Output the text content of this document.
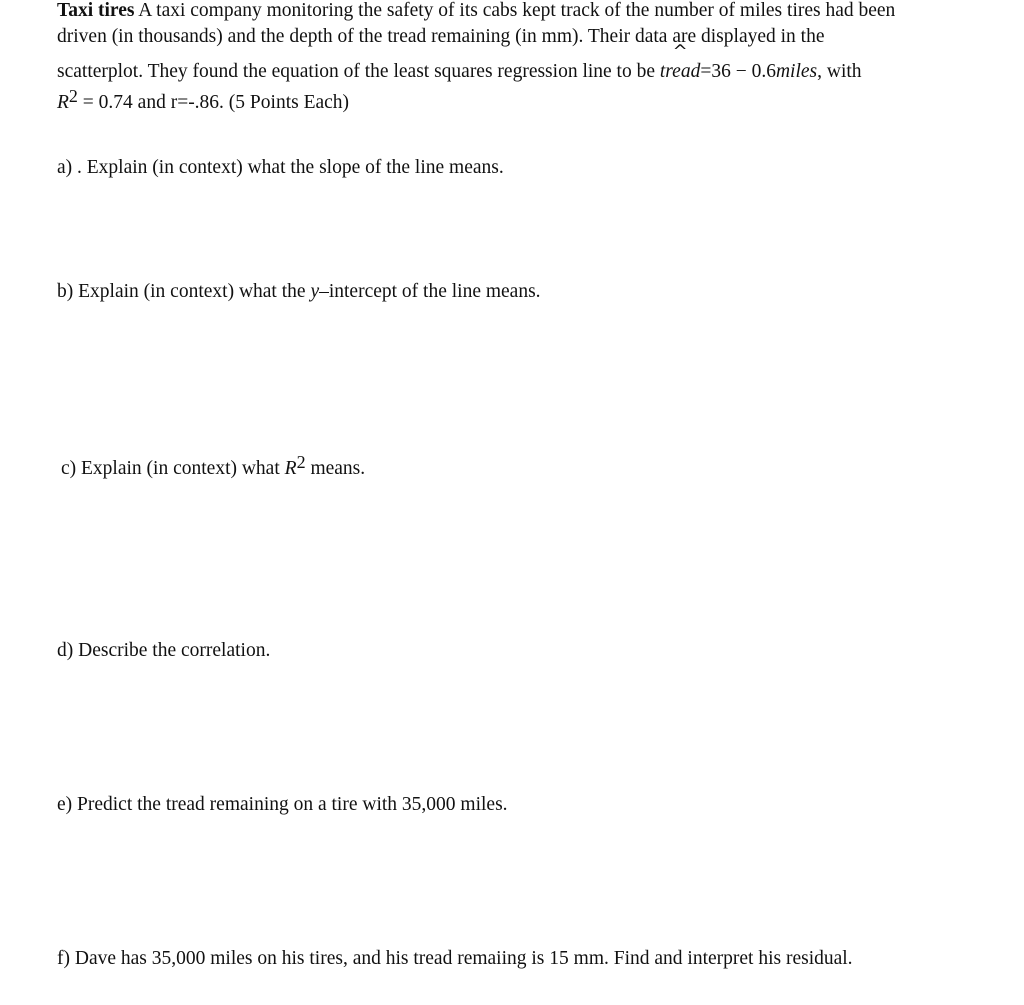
Taxi tires A taxi company monitoring the safety of its cabs kept track of the number of miles tires had been
driven (in thousands) and the depth of the tread remaining (in mm). Their data are displayed in the
scatterplot. They found the equation of the least squares regression line to be
^
tread=36 − 0.6miles, with
R2 = 0.74 and r=-.86. (5 Points Each)
a) . Explain (in context) what the slope of the line means.
b) Explain (in context) what the y–intercept of the line means.
c) Explain (in context) what R2 means.
d) Describe the correlation.
e) Predict the tread remaining on a tire with 35,000 miles.
f) Dave has 35,000 miles on his tires, and his tread remaiing is 15 mm. Find and interpret his residual.
